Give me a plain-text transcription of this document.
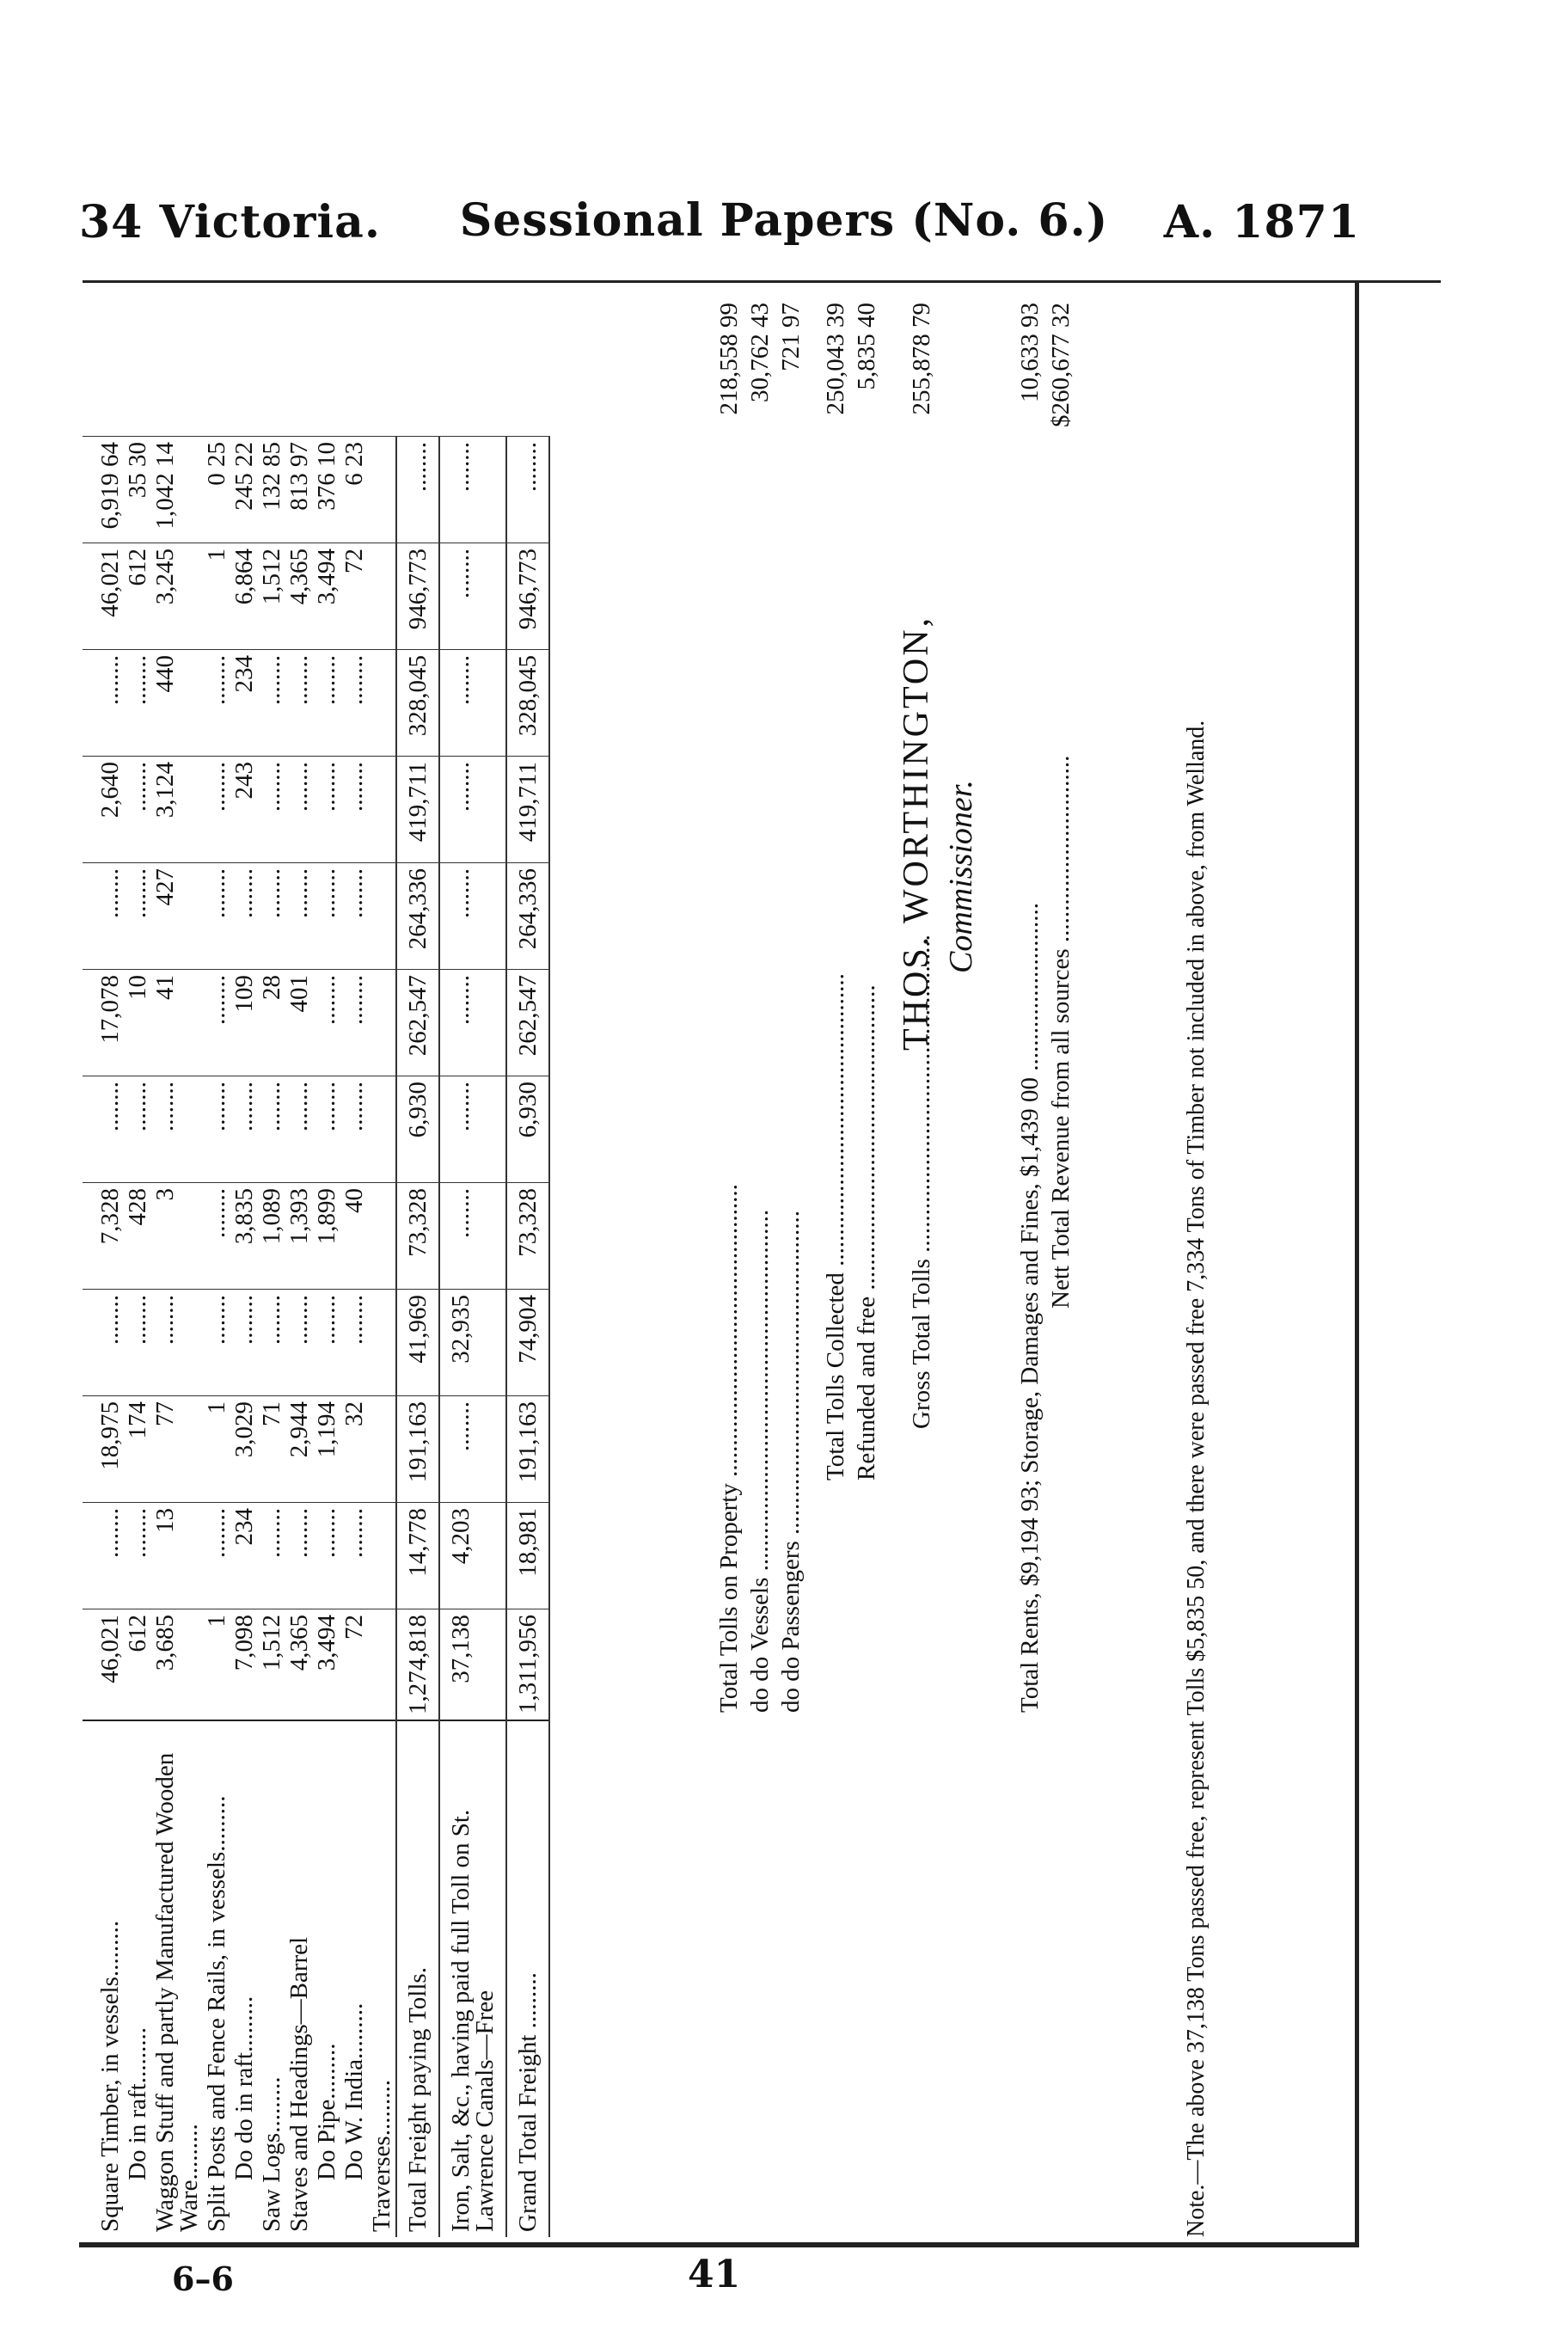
34 Victoria.	Sessional Papers (No. 6.)	A. 1871
Square Timber, in vessels.........	46,021	........	18,975	........	7,328	........	17,078	........	2,640	........	46,021	6,919 64
Do in raft.........	612	........	174	........	428	........	10	........	........	........	612	35 30
Waggon Stuff and partly Manufactured Wooden Ware.........	3,685	13	77	........	3	........	41	427	3,124	440	3,245	1,042 14
Split Posts and Fence Rails, in vessels.........	1	........	1	........	........	........	........	........	........	........	1	0 25
Do do in raft.........	7,098	234	3,029	........	3,835	........	109	........	243	234	6,864	245 22
Saw Logs.........	1,512	........	71	........	1,089	........	28	........	........	........	1,512	132 85
Staves and Headings—Barrel	4,365	........	2,944	........	1,393	........	401	........	........	........	4,365	813 97
Do Pipe.........	3,494	........	1,194	........	1,899	........	........	........	........	........	3,494	376 10
Do W. India.........	72	........	32	........	40	........	........	........	........	........	72	6 23
Traverses.........												
Total Freight paying Tolls.	1,274,818	14,778	191,163	41,969	73,328	6,930	262,547	264,336	419,711	328,045	946,773	........
Iron, Salt, &c., having paid full Toll on St. Lawrence Canals—Free	37,138	4,203	........	32,935	........	........	........	........	........	........	........	........
Grand Total Freight .........	1,311,956	18,981	191,163	74,904	73,328	6,930	262,547	264,336	419,711	328,045	946,773	........
Total Tolls on Property ...............................................
218,558 99
do do Vessels ..........................................................
30,762 43
do do Passengers ....................................................
721 97
Total Tolls Collected ...............................................
250,043 39
Refunded and free .................................................
5,835 40
Gross Total Tolls ...................................................
255,878 79
Total Rents, $9,194 93; Storage, Damages and Fines, $1,439 00 ...........................
10,633 93
Nett Total Revenue from all sources ..............................
$260,677 32
THOS. WORTHINGTON, Commissioner.	Note.—The above 37,138 Tons passed free, represent Tolls $5,835 50, and there were passed free 7,334 Tons of Timber not included in above, from Welland.
6–6	41
